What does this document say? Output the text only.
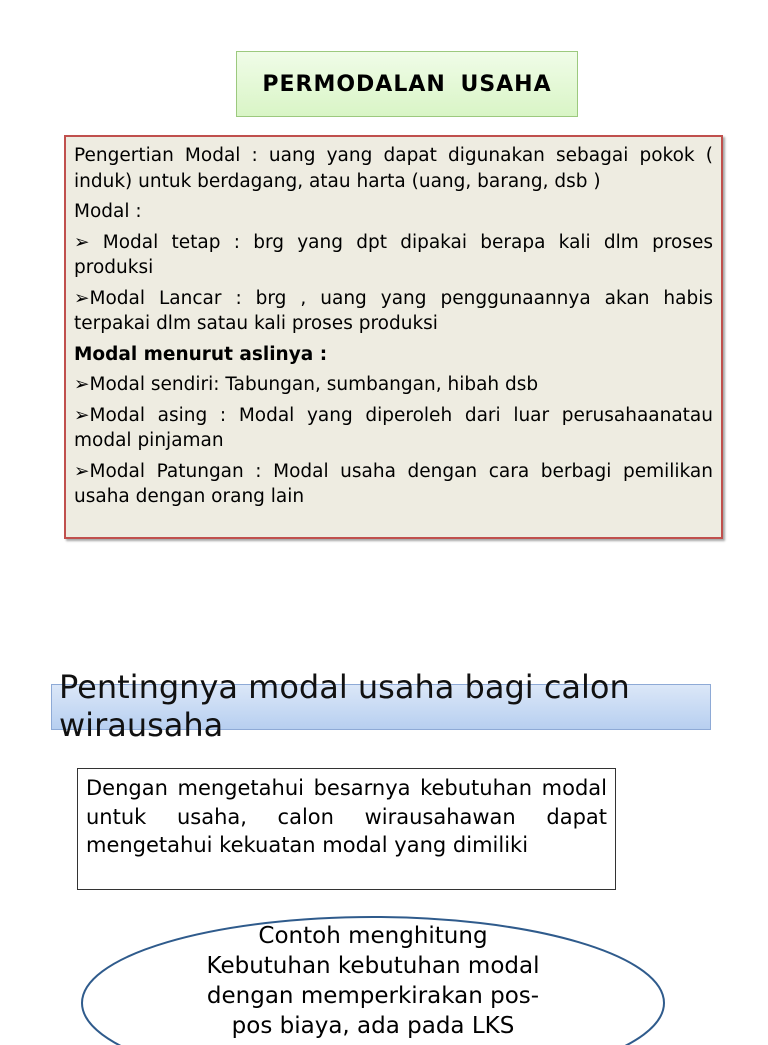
PERMODALAN USAHA

Pengertian Modal : uang yang dapat digunakan sebagai pokok ( induk) untuk berdagang, atau harta (uang, barang, dsb )

Modal :

➢ Modal tetap : brg yang dpt dipakai berapa kali dlm proses produksi

➢Modal Lancar : brg , uang yang penggunaannya akan habis terpakai dlm satau kali proses produksi

Modal menurut aslinya :

➢Modal sendiri: Tabungan, sumbangan, hibah dsb

➢Modal asing : Modal yang diperoleh dari luar perusahaanatau modal pinjaman

➢Modal Patungan : Modal usaha dengan cara berbagi pemilikan usaha dengan orang lain

Pentingnya modal usaha bagi calon wirausaha
Dengan mengetahui besarnya kebutuhan modal untuk usaha, calon wirausahawan dapat mengetahui kekuatan modal yang dimiliki
Contoh menghitung
Kebutuhan kebutuhan modal
dengan memperkirakan pos-
pos biaya, ada pada LKS
